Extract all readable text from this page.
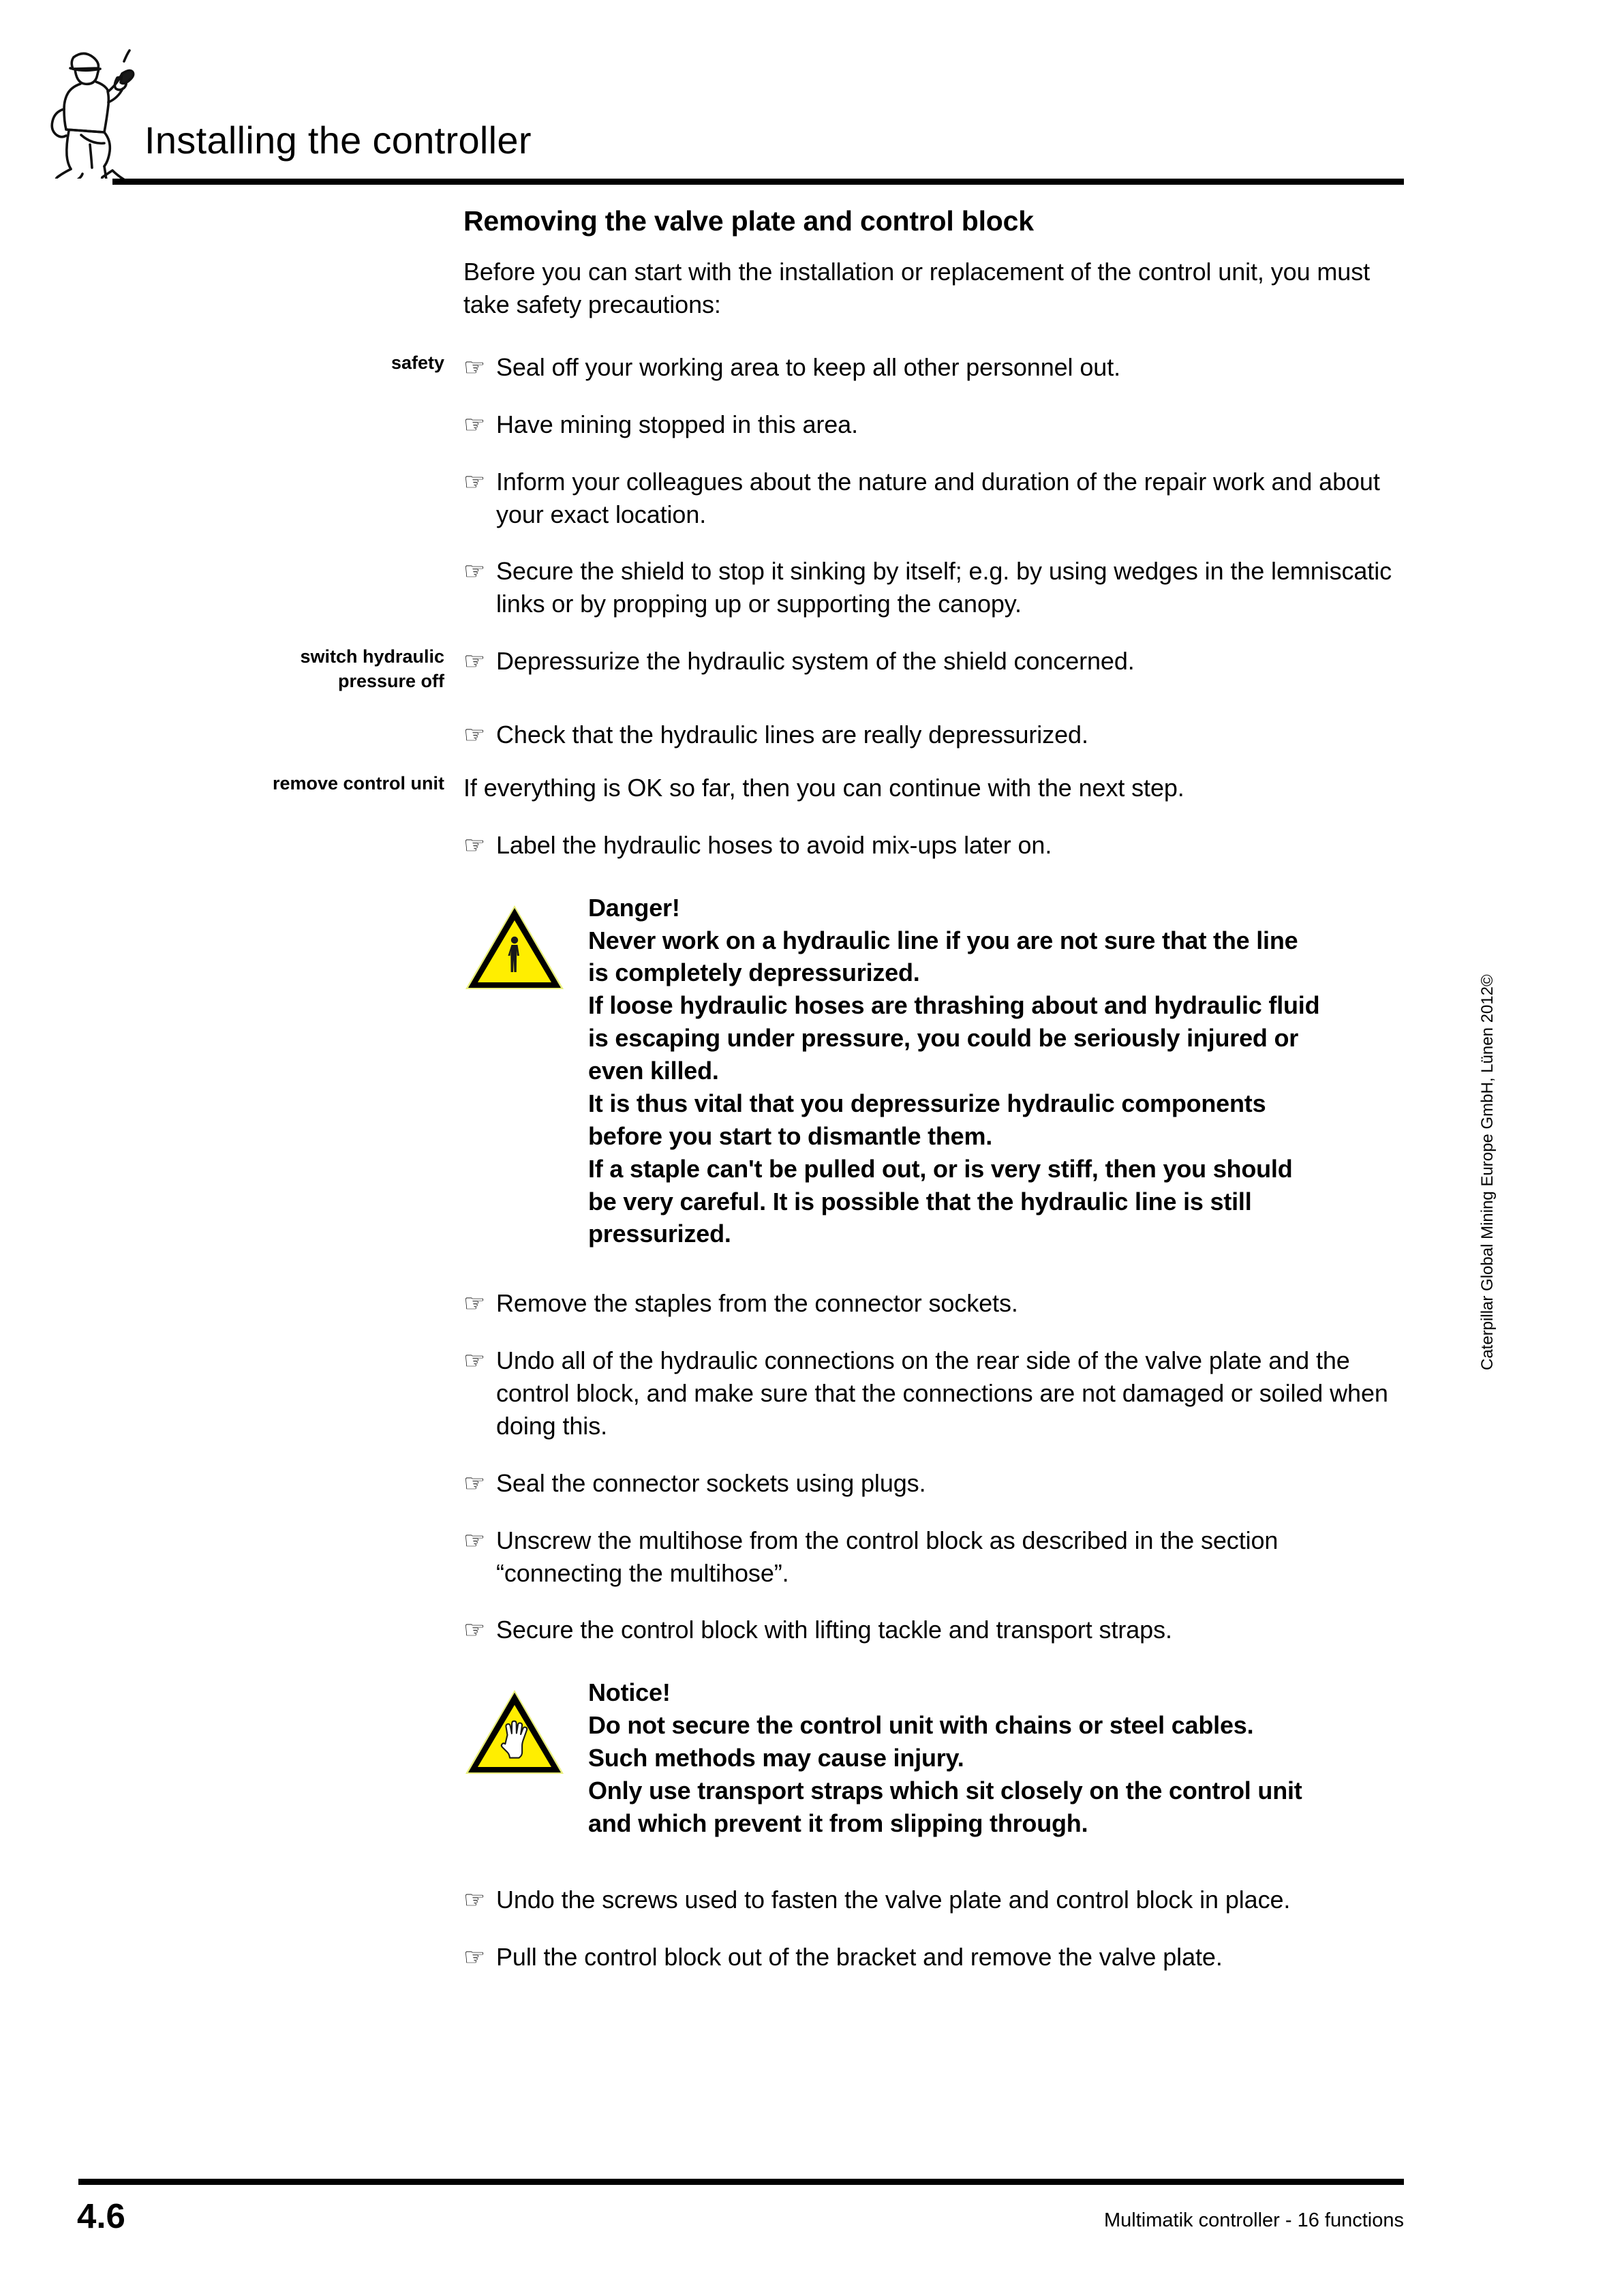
Installing the controller
Caterpillar Global Mining Europe GmbH, Lünen 2012©
Removing the valve plate and control block

Before you can start with the installation or replacement of the control unit, you must take safety precautions:

safety ☞ Seal off your working area to keep all other personnel out.
☞ Have mining stopped in this area.
☞ Inform your colleagues about the nature and duration of the repair work and about your exact location.
☞ Secure the shield to stop it sinking by itself; e.g. by using wedges in the lemniscatic links or by propping up or supporting the canopy.
switch hydraulic
pressure off
☞ Depressurize the hydraulic system of the shield concerned.
☞ Check that the hydraulic lines are really depressurized.
remove control unit If everything is OK so far, then you can continue with the next step.

☞ Label the hydraulic hoses to avoid mix-ups later on.
Danger!
Never work on a hydraulic line if you are not sure that the line
is completely depressurized.
If loose hydraulic hoses are thrashing about and hydraulic fluid
is escaping under pressure, you could be seriously injured or
even killed.
It is thus vital that you depressurize hydraulic components
before you start to dismantle them.
If a staple can't be pulled out, or is very stiff, then you should
be very careful. It is possible that the hydraulic line is still
pressurized.
☞ Remove the staples from the connector sockets.
☞ Undo all of the hydraulic connections on the rear side of the valve plate and the control block, and make sure that the connections are not damaged or soiled when doing this.
☞ Seal the connector sockets using plugs.
☞ Unscrew the multihose from the control block as described in the section “connecting the multihose”.
☞ Secure the control block with lifting tackle and transport straps.
Notice!
Do not secure the control unit with chains or steel cables.
Such methods may cause injury.
Only use transport straps which sit closely on the control unit
and which prevent it from slipping through.
☞ Undo the screws used to fasten the valve plate and control block in place.
☞ Pull the control block out of the bracket and remove the valve plate.
4.6	Multimatik controller - 16 functions
